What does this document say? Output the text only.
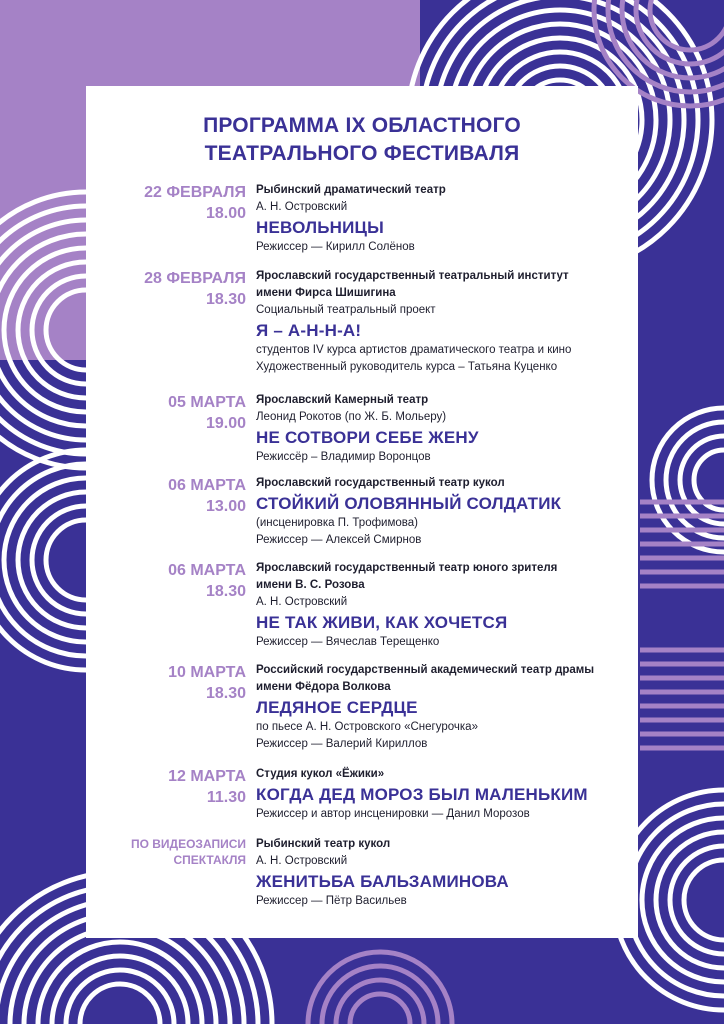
ПРОГРАММА IX ОБЛАСТНОГО
ТЕАТРАЛЬНОГО ФЕСТИВАЛЯ
22 ФЕВРАЛЯ
18.00
Рыбинский драматический театр
А. Н. Островский
НЕВОЛЬНИЦЫ
Режиссер — Кирилл Солёнов
28 ФЕВРАЛЯ
18.30
Ярославский государственный театральный институт
имени Фирса Шишигина
Социальный театральный проект
Я – А-Н-Н-А!
студентов IV курса артистов драматического театра и кино
Художественный руководитель курса – Татьяна Куценко
05 МАРТА
19.00
Ярославский Камерный театр
Леонид Рокотов (по Ж. Б. Мольеру)
НЕ СОТВОРИ СЕБЕ ЖЕНУ
Режиссёр – Владимир Воронцов
06 МАРТА
13.00
Ярославский государственный театр кукол
СТОЙКИЙ ОЛОВЯННЫЙ СОЛДАТИК
(инсценировка П. Трофимова)
Режиссер — Алексей Смирнов
06 МАРТА
18.30
Ярославский государственный театр юного зрителя
имени В. С. Розова
А. Н. Островский
НЕ ТАК ЖИВИ, КАК ХОЧЕТСЯ
Режиссер — Вячеслав Терещенко
10 МАРТА
18.30
Российский государственный академический театр драмы
имени Фёдора Волкова
ЛЕДЯНОЕ СЕРДЦЕ
по пьесе А. Н. Островского «Снегурочка»
Режиссер — Валерий Кириллов
12 МАРТА
11.30
Студия кукол «Ёжики»
КОГДА ДЕД МОРОЗ БЫЛ МАЛЕНЬКИМ
Режиссер и автор инсценировки — Данил Морозов
ПО ВИДЕОЗАПИСИ
СПЕКТАКЛЯ
Рыбинский театр кукол
А. Н. Островский
ЖЕНИТЬБА БАЛЬЗАМИНОВА
Режиссер — Пётр Васильев
